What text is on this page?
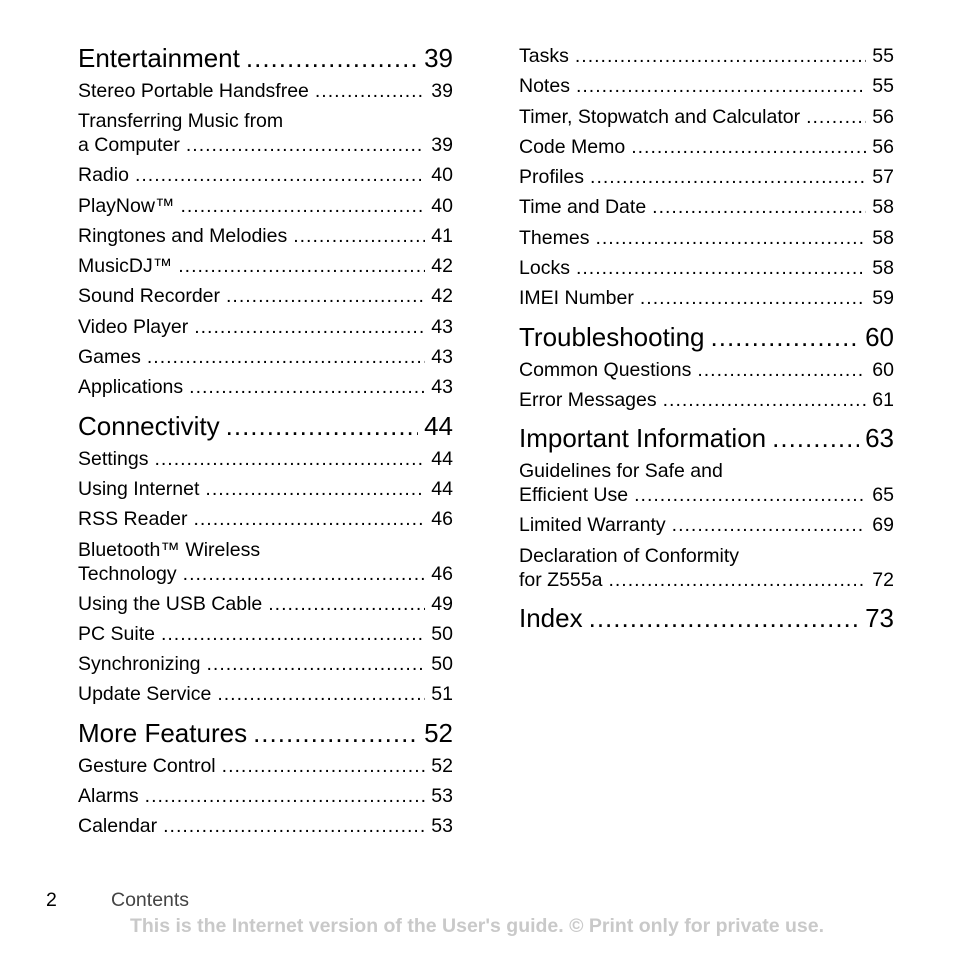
Entertainment .....	39
Stereo Portable Handsfree .....	39
Transferring Music from
a Computer .....	39
Radio .....	40
PlayNow™ .....	40
Ringtones and Melodies .....	41
MusicDJ™ .....	42
Sound Recorder .....	42
Video Player .....	43
Games .....	43
Applications .....	43
Connectivity .....	44
Settings .....	44
Using Internet .....	44
RSS Reader .....	46
Bluetooth™ Wireless
Technology .....	46
Using the USB Cable .....	49
PC Suite .....	50
Synchronizing .....	50
Update Service .....	51
More Features .....	52
Gesture Control .....	52
Alarms .....	53
Calendar .....	53
Tasks .....	55
Notes .....	55
Timer, Stopwatch and Calculator .....	56
Code Memo .....	56
Profiles .....	57
Time and Date .....	58
Themes .....	58
Locks .....	58
IMEI Number .....	59
Troubleshooting .....	60
Common Questions .....	60
Error Messages .....	61
Important Information .....	63
Guidelines for Safe and
Efficient Use .....	65
Limited Warranty .....	69
Declaration of Conformity
for Z555a .....	72
Index .....	73
2	Contents
This is the Internet version of the User's guide. © Print only for private use.
